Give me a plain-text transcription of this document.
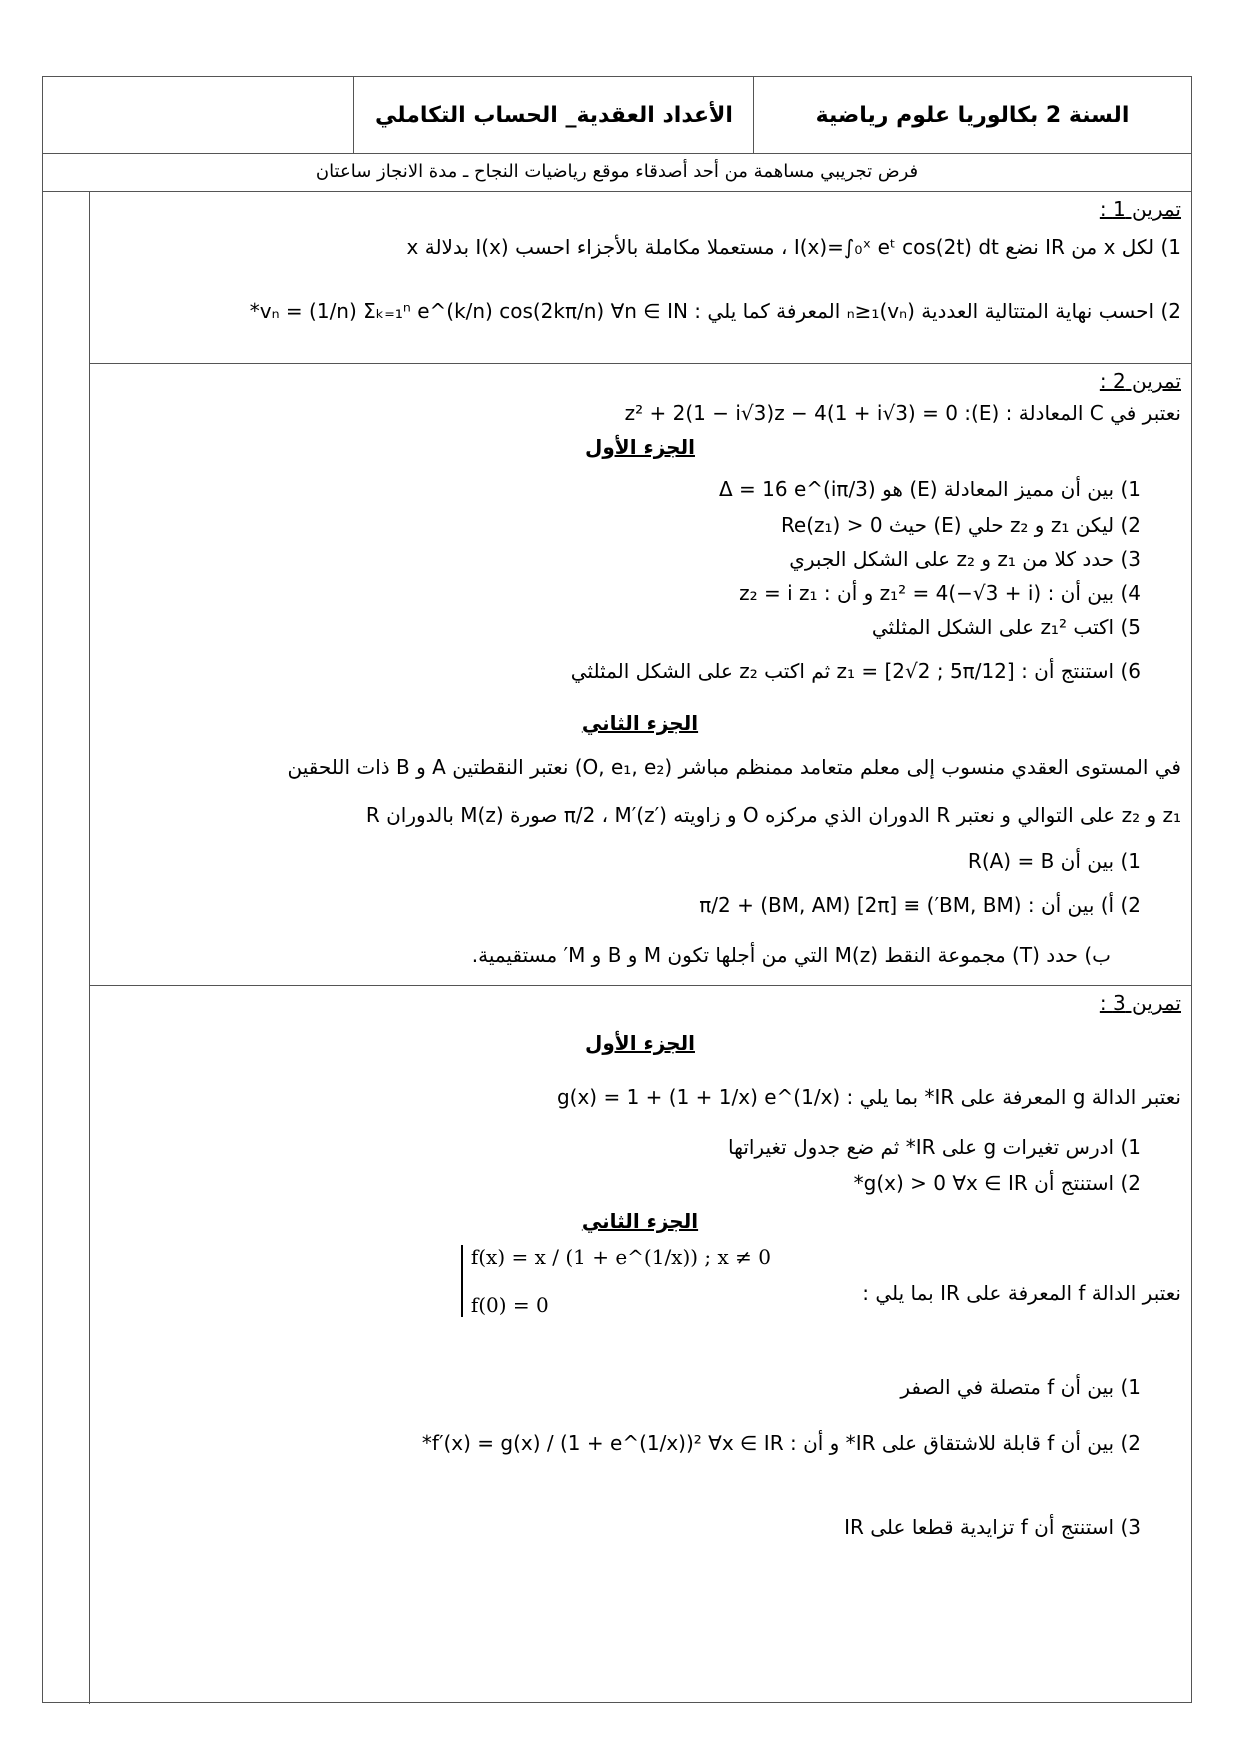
الأعداد العقدية_ الحساب التكاملي	السنة 2 بكالوريا علوم رياضية
فرض تجريبي مساهمة من أحد أصدقاء موقع رياضيات النجاح ـ مدة الانجاز ساعتان
تمرين 1 :
1) لكل x من IR نضع I(x)=∫₀ˣ eᵗ cos(2t) dt ، مستعملا مكاملة بالأجزاء احسب I(x) بدلالة x
2) احسب نهاية المتتالية العددية (vₙ)ₙ≥₁ المعرفة كما يلي : vₙ = (1/n) Σₖ₌₁ⁿ e^(k/n) cos(2kπ/n) ∀n ∈ IN*
تمرين 2 :
نعتبر في C المعادلة : (E): z² + 2(1 − i√3)z − 4(1 + i√3) = 0
الجزء الأول
1) بين أن مميز المعادلة (E) هو Δ = 16 e^(iπ/3)
2) ليكن z₁ و z₂ حلي (E) حيث Re(z₁) > 0
3) حدد كلا من z₁ و z₂ على الشكل الجبري
4) بين أن : z₁² = 4(−√3 + i) و أن : z₂ = i z₁
5) اكتب z₁² على الشكل المثلثي
6) استنتج أن : z₁ = [2√2 ; 5π/12] ثم اكتب z₂ على الشكل المثلثي
الجزء الثاني
في المستوى العقدي منسوب إلى معلم متعامد ممنظم مباشر (O, e₁, e₂) نعتبر النقطتين A و B ذات اللحقين
z₁ و z₂ على التوالي و نعتبر R الدوران الذي مركزه O و زاويته π/2 ، M′(z′) صورة M(z) بالدوران R
1) بين أن R(A) = B
2) أ) بين أن : (BM, BM′) ≡ π/2 + (BM, AM) [2π]
ب) حدد (T) مجموعة النقط M(z) التي من أجلها تكون M و B و M′ مستقيمية.
تمرين 3 :
الجزء الأول
نعتبر الدالة g المعرفة على IR* بما يلي : g(x) = 1 + (1 + 1/x) e^(1/x)
1) ادرس تغيرات g على IR* ثم ضع جدول تغيراتها
2) استنتج أن g(x) > 0 ∀x ∈ IR*
الجزء الثاني
نعتبر الدالة f المعرفة على IR بما يلي :
f(x) = x / (1 + e^(1/x)) ; x ≠ 0
f(0) = 0
1) بين أن f متصلة في الصفر
2) بين أن f قابلة للاشتقاق على IR* و أن : f′(x) = g(x) / (1 + e^(1/x))² ∀x ∈ IR*
3) استنتج أن f تزايدية قطعا على IR
